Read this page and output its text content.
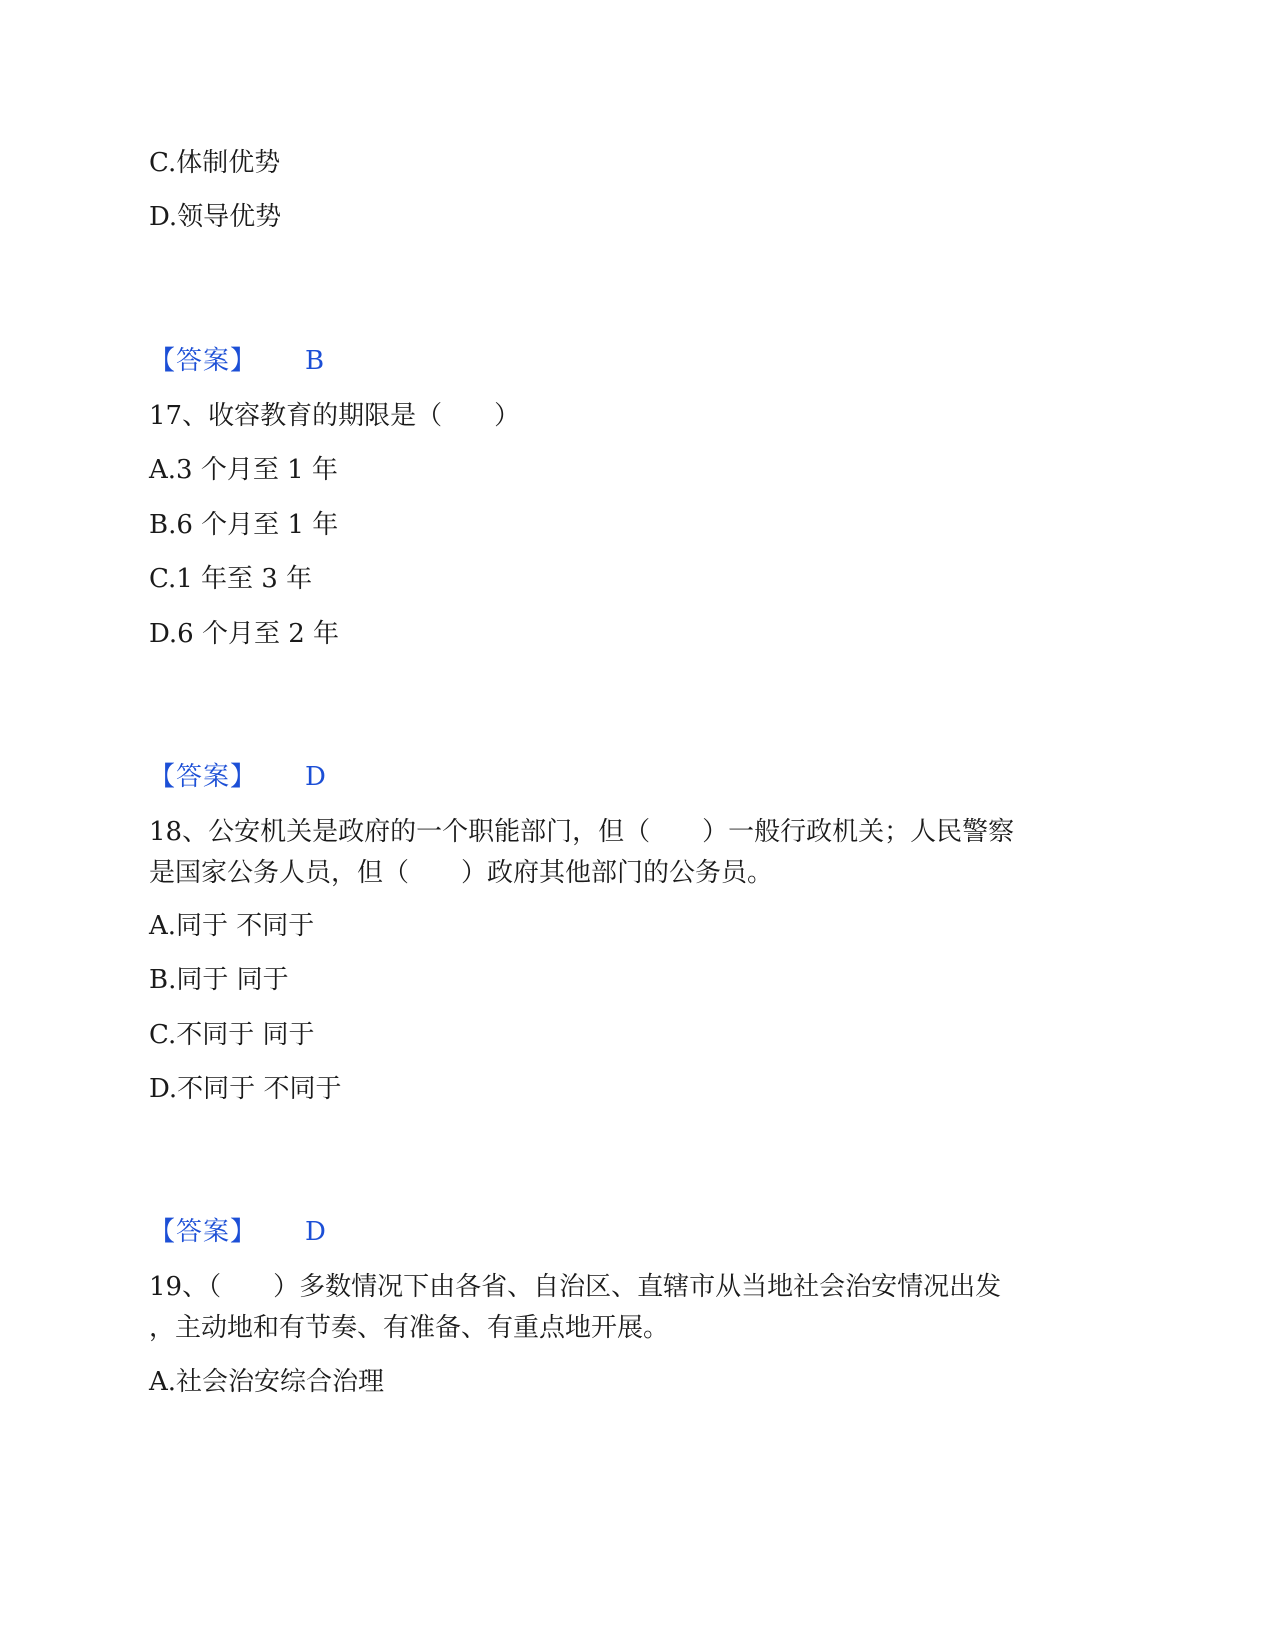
C.体制优势
D.领导优势
【答案】 B
17、收容教育的期限是（　　）
A.3 个月至 1 年
B.6 个月至 1 年
C.1 年至 3 年
D.6 个月至 2 年
【答案】 D
18、公安机关是政府的一个职能部门，但（　　）一般行政机关；人民警察
是国家公务人员，但（　　）政府其他部门的公务员。
A.同于 不同于
B.同于 同于
C.不同于 同于
D.不同于 不同于
【答案】 D
19、（　　）多数情况下由各省、自治区、直辖市从当地社会治安情况出发
，主动地和有节奏、有准备、有重点地开展。
A.社会治安综合治理
